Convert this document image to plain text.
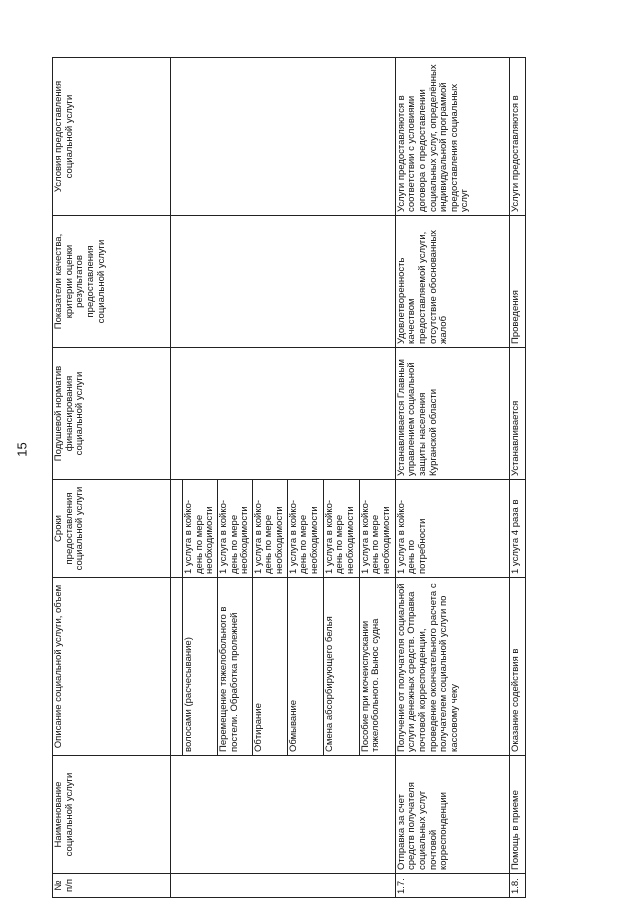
15
№ п/п	Наименование социальной услуги	Описание социальной услуги, объем	Сроки предоставления социальной услуги	Подушевой норматив финансирования социальной услуги	Показатели качества, критерии оценки результатов предоставления социальной услуги	Условия предоставления социальной услуги

		волосами (расчесывание)	1 услуга в койко-день по мере необходимости			
		Перемещение тяжелобольного в постели. Обработка пролежней	1 услуга в койко-день по мере необходимости			
		Обтирание	1 услуга в койко-день по мере необходимости			
		Обмывание	1 услуга в койко-день по мере необходимости			
		Смена абсорбирующего белья	1 услуга в койко-день по мере необходимости			
		Пособие при мочеиспускании тяжелобольного. Вынос судна	1 услуга в койко-день по мере необходимости			
1.7.	Отправка за счет средств получателя социальных услуг почтовой корреспонденции	Получение от получателя социальной услуги денежных средств. Отправка почтовой корреспонденции, проведение окончательного расчета с получателем социальной услуги по кассовому чеку	1 услуга в койко-день по потребности	Устанавливается Главным управлением социальной защиты населения Курганской области	Удовлетворенность качеством предоставляемой услуги, отсутствие обоснованных жалоб	Услуги предоставляются в соответствии с условиями договора о предоставлении социальных услуг, определённых индивидуальной программой предоставления социальных услуг
1.8.	Помощь в приеме	Оказание содействия в	1 услуга 4 раза в	Устанавливается	Проведения	Услуги предоставляются в
